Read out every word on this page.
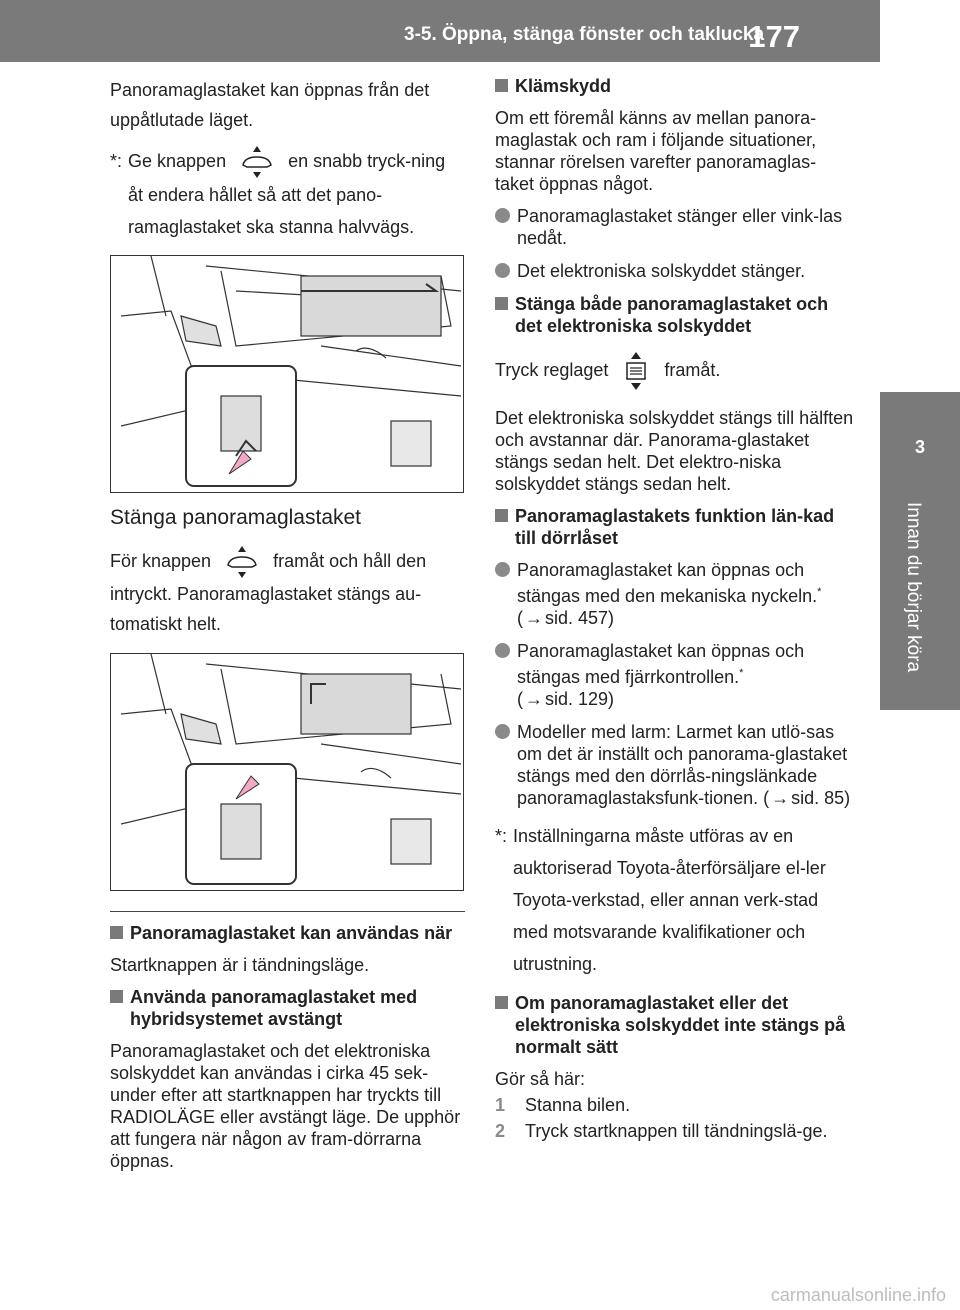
3-5. Öppna, stänga fönster och taklucka
177
3
Innan du börjar köra

Panoramaglastaket kan öppnas från det uppåtlutade läget.

*: Ge knappen	en snabb tryck-ning åt endera hållet så att det pano-ramaglastaket ska stanna halvvägs.
Stänga panoramaglastaket

För knappen	framåt och håll den intryckt. Panoramaglastaket stängs au-tomatiskt helt.

Panoramaglastaket kan användas när

Startknappen är i tändningsläge.

Använda panoramaglastaket med hybridsystemet avstängt

Panoramaglastaket och det elektroniska solskyddet kan användas i cirka 45 sek-under efter att startknappen har tryckts till RADIOLÄGE eller avstängt läge. De upphör att fungera när någon av fram-dörrarna öppnas.

Klämskydd

Om ett föremål känns av mellan panora-maglastak och ram i följande situationer, stannar rörelsen varefter panoramaglas-taket öppnas något.

Panoramaglastaket stänger eller vink-las nedåt.
Det elektroniska solskyddet stänger.
Stänga både panoramaglastaket och det elektroniska solskyddet

Tryck reglaget	framåt.

Det elektroniska solskyddet stängs till hälften och avstannar där. Panorama-glastaket stängs sedan helt. Det elektro-niska solskyddet stängs sedan helt.

Panoramaglastakets funktion län-kad till dörrlåset
Panoramaglastaket kan öppnas och stängas med den mekaniska nyckeln.*
( → sid. 457)
Panoramaglastaket kan öppnas och stängas med fjärrkontrollen.*
( → sid. 129)
Modeller med larm: Larmet kan utlö-sas om det är inställt och panorama-glastaket stängs med den dörrlås-ningslänkade panoramaglastaksfunk-tionen. ( → sid. 85)
*: Inställningarna måste utföras av en auktoriserad Toyota-återförsäljare el-ler Toyota-verkstad, eller annan verk-stad med motsvarande kvalifikationer och utrustning.
Om panoramaglastaket eller det elektroniska solskyddet inte stängs på normalt sätt

Gör så här:

1	Stanna bilen.
2	Tryck startknappen till tändningslä-ge.
carmanualsonline.info
